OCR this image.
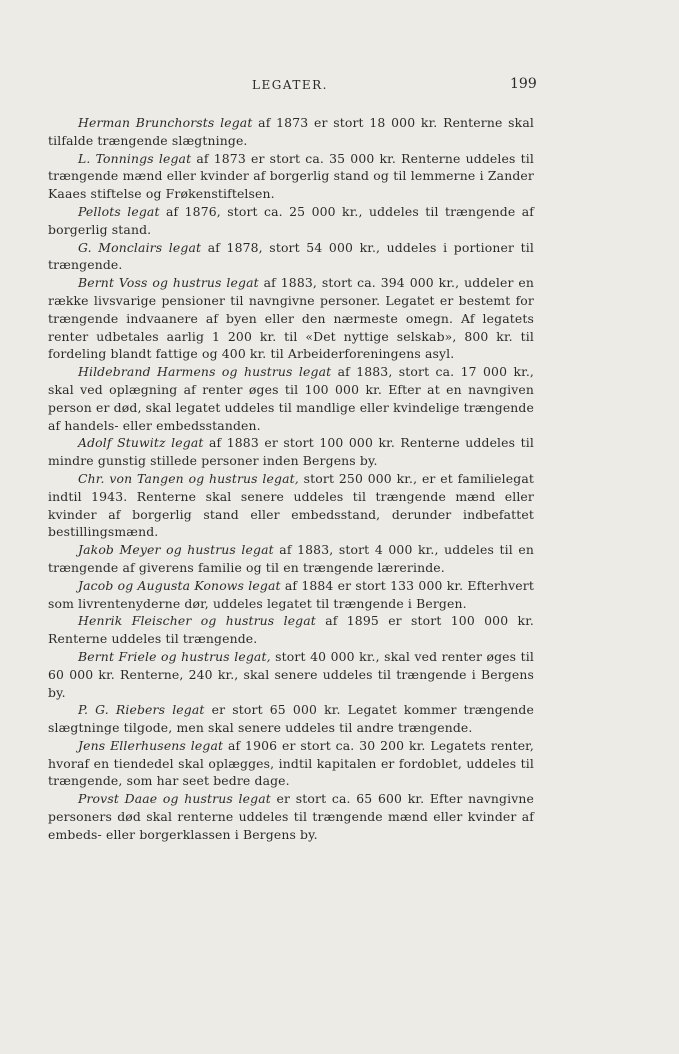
LEGATER.	199

Herman Brunchorsts legat af 1873 er stort 18 000 kr. Renterne skal tilfalde trængende slægtninge.

L. Tonnings legat af 1873 er stort ca. 35 000 kr. Renterne uddeles til trængende mænd eller kvinder af borgerlig stand og til lemmerne i Zander Kaaes stiftelse og Frøkenstiftelsen.

Pellots legat af 1876, stort ca. 25 000 kr., uddeles til trængende af borgerlig stand.

G. Monclairs legat af 1878, stort 54 000 kr., uddeles i portioner til trængende.

Bernt Voss og hustrus legat af 1883, stort ca. 394 000 kr., uddeler en række livsvarige pensioner til navngivne personer. Legatet er bestemt for trængende indvaanere af byen eller den nærmeste omegn. Af legatets renter udbetales aarlig 1 200 kr. til «Det nyttige selskab», 800 kr. til fordeling blandt fattige og 400 kr. til Arbeiderforeningens asyl.

Hildebrand Harmens og hustrus legat af 1883, stort ca. 17 000 kr., skal ved oplægning af renter øges til 100 000 kr. Efter at en navngiven person er død, skal legatet uddeles til mandlige eller kvindelige trængende af handels- eller embedsstanden.

Adolf Stuwitz legat af 1883 er stort 100 000 kr. Renterne uddeles til mindre gunstig stillede personer inden Bergens by.

Chr. von Tangen og hustrus legat, stort 250 000 kr., er et familielegat indtil 1943. Renterne skal senere uddeles til trængende mænd eller kvinder af borgerlig stand eller embedsstand, derunder indbefattet bestillingsmænd.

Jakob Meyer og hustrus legat af 1883, stort 4 000 kr., uddeles til en trængende af giverens familie og til en trængende lærerinde.

Jacob og Augusta Konows legat af 1884 er stort 133 000 kr. Efterhvert som livrentenyderne dør, uddeles legatet til trængende i Bergen.

Henrik Fleischer og hustrus legat af 1895 er stort 100 000 kr. Renterne uddeles til trængende.

Bernt Friele og hustrus legat, stort 40 000 kr., skal ved renter øges til 60 000 kr. Renterne, 240 kr., skal senere uddeles til trængende i Bergens by.

P. G. Riebers legat er stort 65 000 kr. Legatet kommer trængende slægtninge tilgode, men skal senere uddeles til andre trængende.

Jens Ellerhusens legat af 1906 er stort ca. 30 200 kr. Legatets renter, hvoraf en tiendedel skal oplægges, indtil kapitalen er fordoblet, uddeles til trængende, som har seet bedre dage.

Provst Daae og hustrus legat er stort ca. 65 600 kr. Efter navngivne personers død skal renterne uddeles til trængende mænd eller kvinder af embeds- eller borgerklassen i Bergens by.
